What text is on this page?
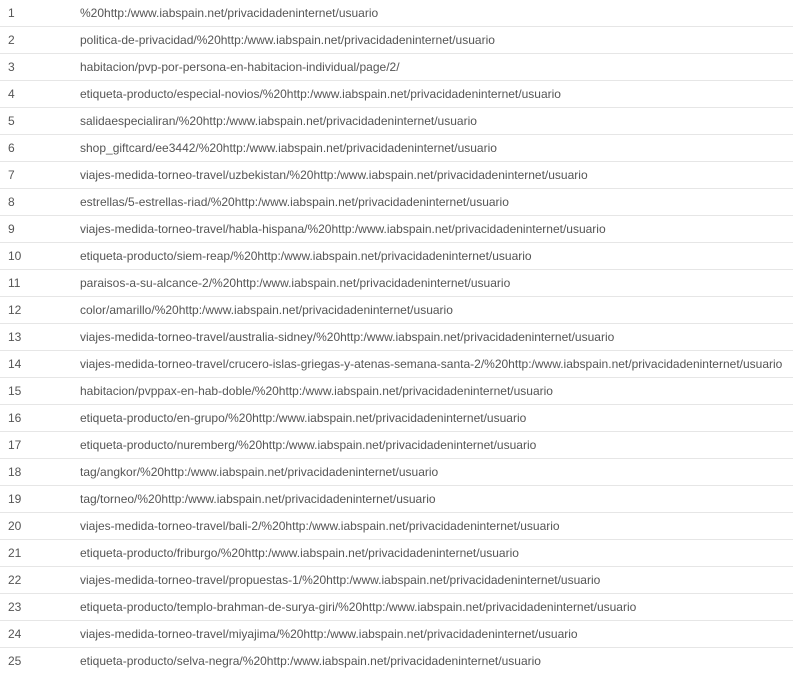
1	%20http:/www.iabspain.net/privacidadeninternet/usuario
2	politica-de-privacidad/%20http:/www.iabspain.net/privacidadeninternet/usuario
3	habitacion/pvp-por-persona-en-habitacion-individual/page/2/
4	etiqueta-producto/especial-novios/%20http:/www.iabspain.net/privacidadeninternet/usuario
5	salidaespecialiran/%20http:/www.iabspain.net/privacidadeninternet/usuario
6	shop_giftcard/ee3442/%20http:/www.iabspain.net/privacidadeninternet/usuario
7	viajes-medida-torneo-travel/uzbekistan/%20http:/www.iabspain.net/privacidadeninternet/usuario
8	estrellas/5-estrellas-riad/%20http:/www.iabspain.net/privacidadeninternet/usuario
9	viajes-medida-torneo-travel/habla-hispana/%20http:/www.iabspain.net/privacidadeninternet/usuario
10	etiqueta-producto/siem-reap/%20http:/www.iabspain.net/privacidadeninternet/usuario
11	paraisos-a-su-alcance-2/%20http:/www.iabspain.net/privacidadeninternet/usuario
12	color/amarillo/%20http:/www.iabspain.net/privacidadeninternet/usuario
13	viajes-medida-torneo-travel/australia-sidney/%20http:/www.iabspain.net/privacidadeninternet/usuario
14	viajes-medida-torneo-travel/crucero-islas-griegas-y-atenas-semana-santa-2/%20http:/www.iabspain.net/privacidadeninternet/usuario
15	habitacion/pvppax-en-hab-doble/%20http:/www.iabspain.net/privacidadeninternet/usuario
16	etiqueta-producto/en-grupo/%20http:/www.iabspain.net/privacidadeninternet/usuario
17	etiqueta-producto/nuremberg/%20http:/www.iabspain.net/privacidadeninternet/usuario
18	tag/angkor/%20http:/www.iabspain.net/privacidadeninternet/usuario
19	tag/torneo/%20http:/www.iabspain.net/privacidadeninternet/usuario
20	viajes-medida-torneo-travel/bali-2/%20http:/www.iabspain.net/privacidadeninternet/usuario
21	etiqueta-producto/friburgo/%20http:/www.iabspain.net/privacidadeninternet/usuario
22	viajes-medida-torneo-travel/propuestas-1/%20http:/www.iabspain.net/privacidadeninternet/usuario
23	etiqueta-producto/templo-brahman-de-surya-giri/%20http:/www.iabspain.net/privacidadeninternet/usuario
24	viajes-medida-torneo-travel/miyajima/%20http:/www.iabspain.net/privacidadeninternet/usuario
25	etiqueta-producto/selva-negra/%20http:/www.iabspain.net/privacidadeninternet/usuario
